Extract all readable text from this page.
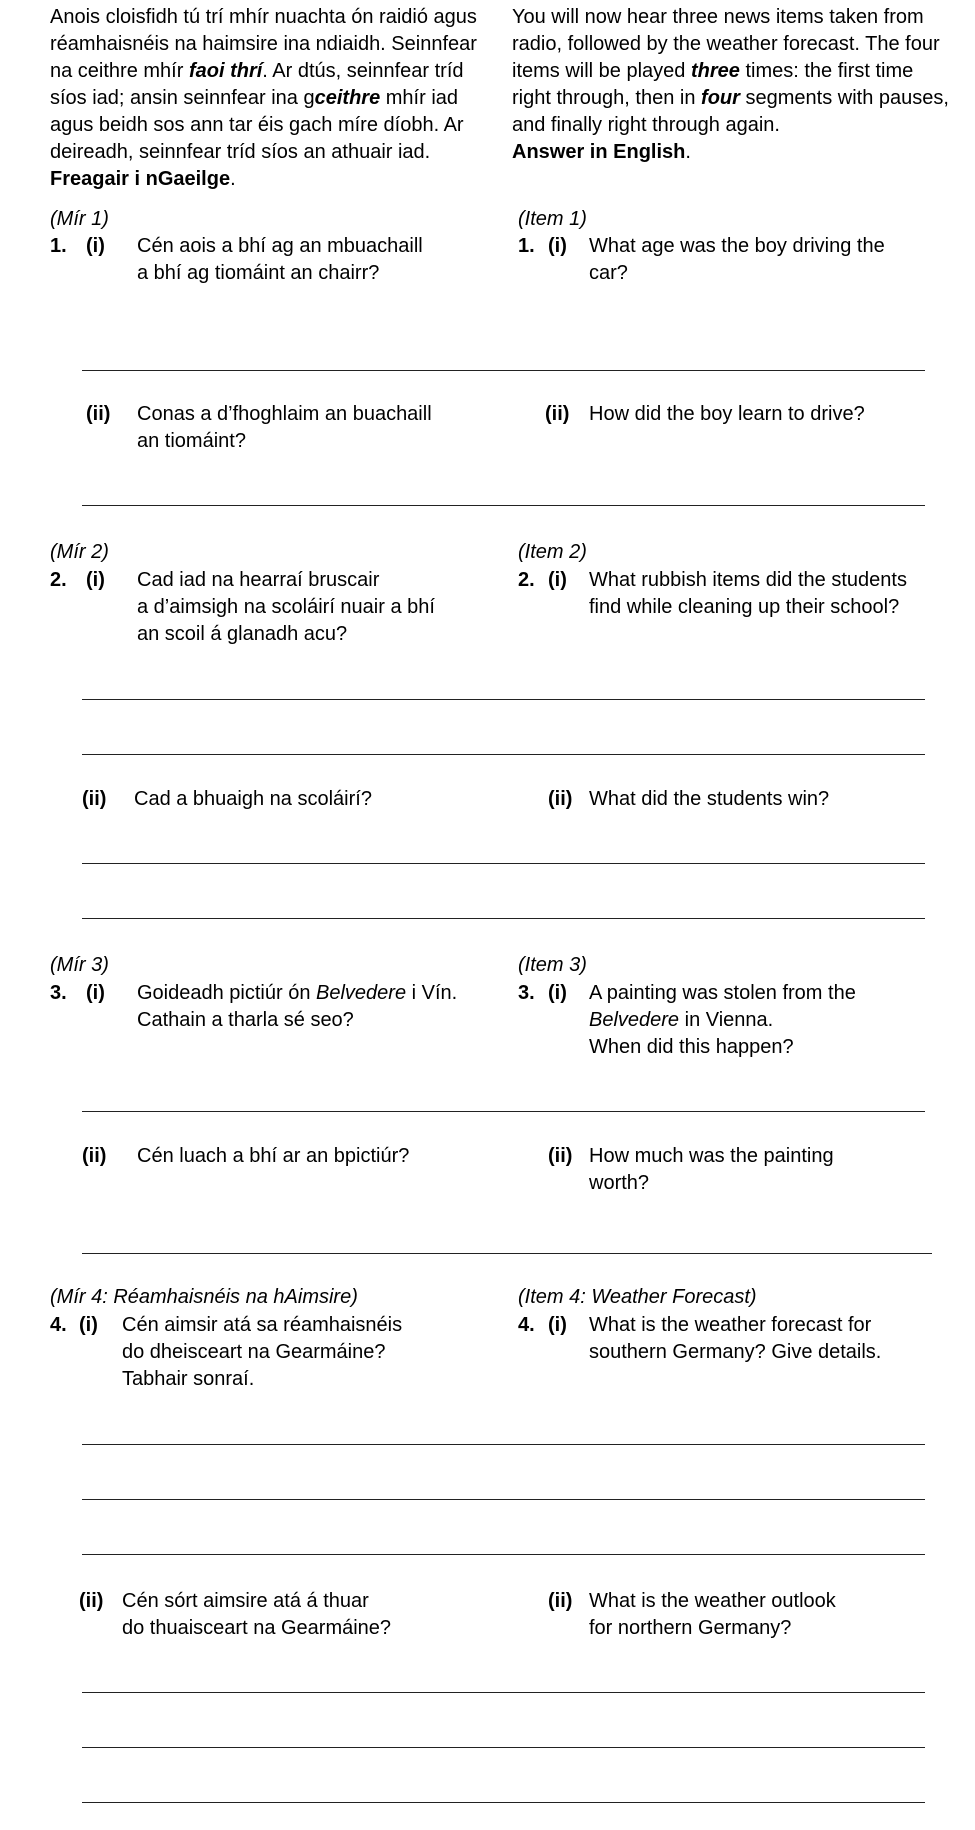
Anois cloisfidh tú trí mhír nuachta ón raidió agus réamhaisnéis na haimsire ina ndiaidh. Seinnfear na ceithre mhír faoi thrí. Ar dtús, seinnfear tríd síos iad; ansin seinnfear ina gceithre mhír iad agus beidh sos ann tar éis gach míre díobh. Ar deireadh, seinnfear tríd síos an athuair iad. Freagair i nGaeilge.
You will now hear three news items taken from radio, followed by the weather forecast. The four items will be played three times: the first time right through, then in four segments with pauses, and finally right through again.
Answer in English.
(Mír 1)	(Item 1)
1. (i) Cén aois a bhí ag an mbuachaill
a bhí ag tiomáint an chairr?
1. (i) What age was the boy driving the
car?
(ii) Conas a d’fhoghlaim an buachaill
an tiomáint?
(ii) How did the boy learn to drive?
(Mír 2)	(Item 2)
2. (i) Cad iad na hearraí bruscair
a d’aimsigh na scoláirí nuair a bhí
an scoil á glanadh acu?
2. (i) What rubbish items did the students
find while cleaning up their school?
(ii) Cad a bhuaigh na scoláirí?	(ii) What did the students win?
(Mír 3)	(Item 3)
3. (i) Goideadh pictiúr ón Belvedere i Vín.
Cathain a tharla sé seo?
3. (i) A painting was stolen from the
Belvedere in Vienna.
When did this happen?
(ii) Cén luach a bhí ar an bpictiúr?	(ii) How much was the painting
worth?
(Mír 4: Réamhaisnéis na hAimsire)	(Item 4: Weather Forecast)
4. (i) Cén aimsir atá sa réamhaisnéis
do dheisceart na Gearmáine?
Tabhair sonraí.
4. (i) What is the weather forecast for
southern Germany? Give details.
(ii) Cén sórt aimsire atá á thuar
do thuaisceart na Gearmáine?
(ii) What is the weather outlook
for northern Germany?
